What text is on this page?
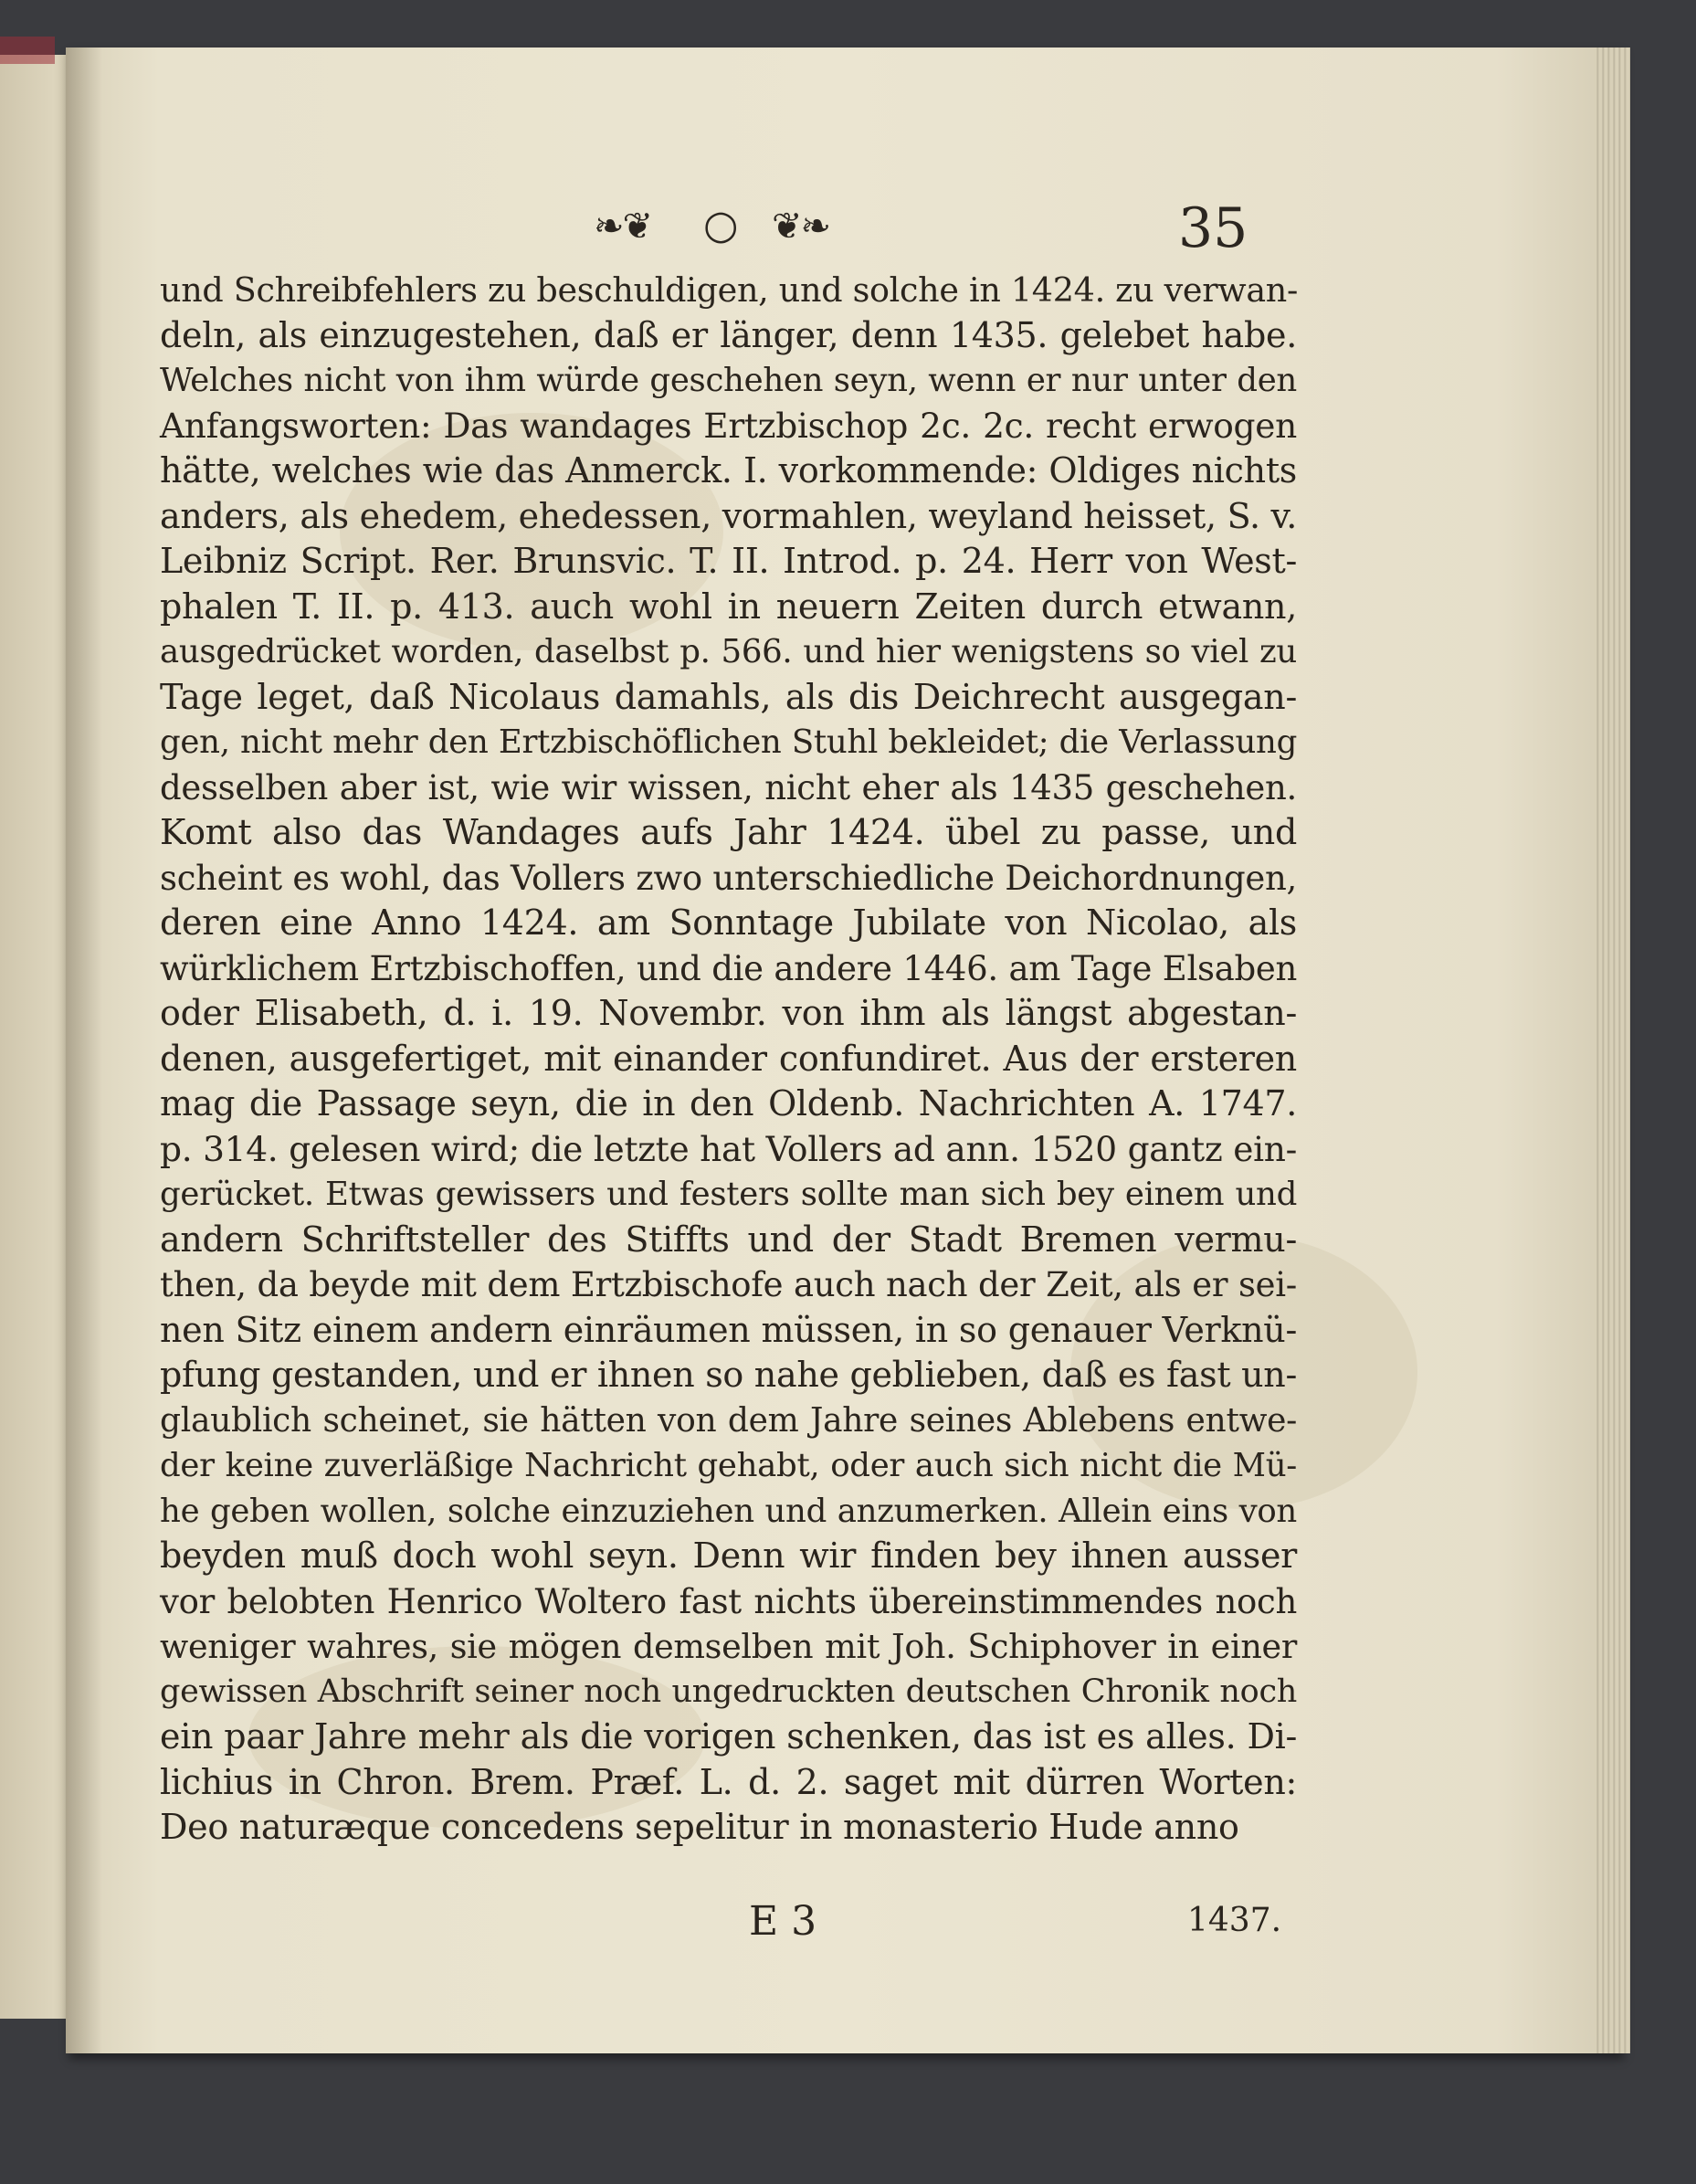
❧❦ ○ ❦❧	35
und Schreibfehlers zu beschuldigen, und solche in 1424. zu verwan-
deln, als einzugestehen, daß er länger, denn 1435. gelebet habe.
Welches nicht von ihm würde geschehen seyn, wenn er nur unter den
Anfangsworten: Das wandages Ertzbischop 2c. 2c. recht erwogen
hätte, welches wie das Anmerck. I. vorkommende: Oldiges nichts
anders, als ehedem, ehedessen, vormahlen, weyland heisset, S. v.
Leibniz Script. Rer. Brunsvic. T. II. Introd. p. 24. Herr von West-
phalen T. II. p. 413. auch wohl in neuern Zeiten durch etwann,
ausgedrücket worden, daselbst p. 566. und hier wenigstens so viel zu
Tage leget, daß Nicolaus damahls, als dis Deichrecht ausgegan-
gen, nicht mehr den Ertzbischöflichen Stuhl bekleidet; die Verlassung
desselben aber ist, wie wir wissen, nicht eher als 1435 geschehen.
Komt also das Wandages aufs Jahr 1424. übel zu passe, und
scheint es wohl, das Vollers zwo unterschiedliche Deichordnungen,
deren eine Anno 1424. am Sonntage Jubilate von Nicolao, als
würklichem Ertzbischoffen, und die andere 1446. am Tage Elsaben
oder Elisabeth, d. i. 19. Novembr. von ihm als längst abgestan-
denen, ausgefertiget, mit einander confundiret. Aus der ersteren
mag die Passage seyn, die in den Oldenb. Nachrichten A. 1747.
p. 314. gelesen wird; die letzte hat Vollers ad ann. 1520 gantz ein-
gerücket. Etwas gewissers und festers sollte man sich bey einem und
andern Schriftsteller des Stiffts und der Stadt Bremen vermu-
then, da beyde mit dem Ertzbischofe auch nach der Zeit, als er sei-
nen Sitz einem andern einräumen müssen, in so genauer Verknü-
pfung gestanden, und er ihnen so nahe geblieben, daß es fast un-
glaublich scheinet, sie hätten von dem Jahre seines Ablebens entwe-
der keine zuverläßige Nachricht gehabt, oder auch sich nicht die Mü-
he geben wollen, solche einzuziehen und anzumerken. Allein eins von
beyden muß doch wohl seyn. Denn wir finden bey ihnen ausser
vor belobten Henrico Woltero fast nichts übereinstimmendes noch
weniger wahres, sie mögen demselben mit Joh. Schiphover in einer
gewissen Abschrift seiner noch ungedruckten deutschen Chronik noch
ein paar Jahre mehr als die vorigen schenken, das ist es alles. Di-
lichius in Chron. Brem. Præf. L. d. 2. saget mit dürren Worten:
Deo naturæque concedens sepelitur in monasterio Hude anno
E 3	1437.
